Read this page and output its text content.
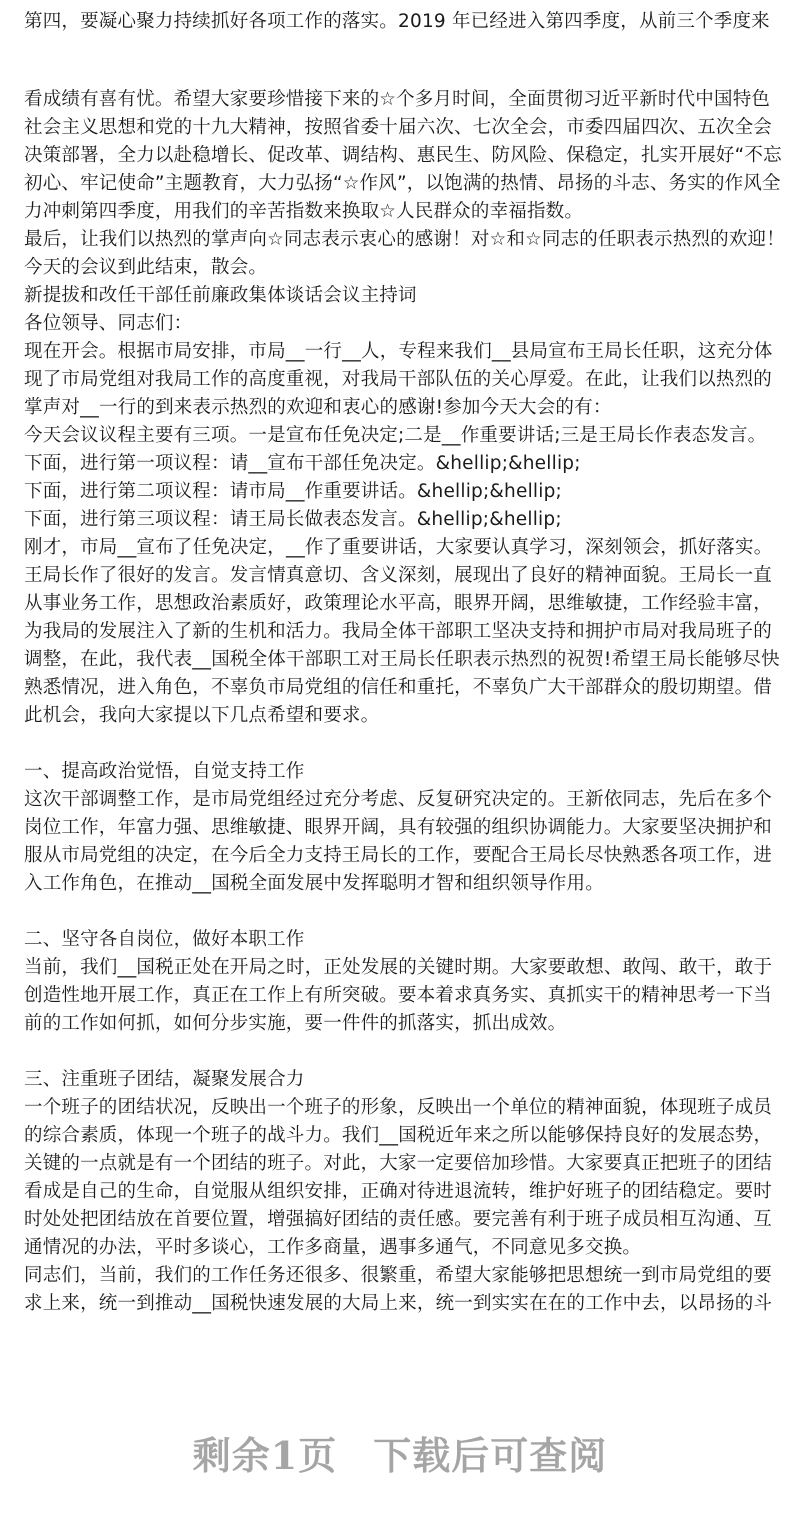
第四，要凝心聚力持续抓好各项工作的落实。2019 年已经进入第四季度，从前三个季度来
看成绩有喜有忧。希望大家要珍惜接下来的☆个多月时间，全面贯彻习近平新时代中国特色
社会主义思想和党的十九大精神，按照省委十届六次、七次全会，市委四届四次、五次全会
决策部署，全力以赴稳增长、促改革、调结构、惠民生、防风险、保稳定，扎实开展好“不忘
初心、牢记使命”主题教育，大力弘扬“☆作风”，以饱满的热情、昂扬的斗志、务实的作风全
力冲刺第四季度，用我们的辛苦指数来换取☆人民群众的幸福指数。
最后，让我们以热烈的掌声向☆同志表示衷心的感谢！对☆和☆同志的任职表示热烈的欢迎！
今天的会议到此结束，散会。
新提拔和改任干部任前廉政集体谈话会议主持词
各位领导、同志们：
现在开会。根据市局安排，市局__一行__人，专程来我们__县局宣布王局长任职，这充分体
现了市局党组对我局工作的高度重视，对我局干部队伍的关心厚爱。在此，让我们以热烈的
掌声对__一行的到来表示热烈的欢迎和衷心的感谢!参加今天大会的有：
今天会议议程主要有三项。一是宣布任免决定;二是__作重要讲话;三是王局长作表态发言。
下面，进行第一项议程：请__宣布干部任免决定。&hellip;&hellip;
下面，进行第二项议程：请市局__作重要讲话。&hellip;&hellip;
下面，进行第三项议程：请王局长做表态发言。&hellip;&hellip;
刚才，市局__宣布了任免决定，__作了重要讲话，大家要认真学习，深刻领会，抓好落实。
王局长作了很好的发言。发言情真意切、含义深刻，展现出了良好的精神面貌。王局长一直
从事业务工作，思想政治素质好，政策理论水平高，眼界开阔，思维敏捷，工作经验丰富，
为我局的发展注入了新的生机和活力。我局全体干部职工坚决支持和拥护市局对我局班子的
调整，在此，我代表__国税全体干部职工对王局长任职表示热烈的祝贺!希望王局长能够尽快
熟悉情况，进入角色，不辜负市局党组的信任和重托，不辜负广大干部群众的殷切期望。借
此机会，我向大家提以下几点希望和要求。
一、提高政治觉悟，自觉支持工作
这次干部调整工作，是市局党组经过充分考虑、反复研究决定的。王新依同志，先后在多个
岗位工作，年富力强、思维敏捷、眼界开阔，具有较强的组织协调能力。大家要坚决拥护和
服从市局党组的决定，在今后全力支持王局长的工作，要配合王局长尽快熟悉各项工作，进
入工作角色，在推动__国税全面发展中发挥聪明才智和组织领导作用。
二、坚守各自岗位，做好本职工作
当前，我们__国税正处在开局之时，正处发展的关键时期。大家要敢想、敢闯、敢干，敢于
创造性地开展工作，真正在工作上有所突破。要本着求真务实、真抓实干的精神思考一下当
前的工作如何抓，如何分步实施，要一件件的抓落实，抓出成效。
三、注重班子团结，凝聚发展合力
一个班子的团结状况，反映出一个班子的形象，反映出一个单位的精神面貌，体现班子成员
的综合素质，体现一个班子的战斗力。我们__国税近年来之所以能够保持良好的发展态势，
关键的一点就是有一个团结的班子。对此，大家一定要倍加珍惜。大家要真正把班子的团结
看成是自己的生命，自觉服从组织安排，正确对待进退流转，维护好班子的团结稳定。要时
时处处把团结放在首要位置，增强搞好团结的责任感。要完善有利于班子成员相互沟通、互
通情况的办法，平时多谈心，工作多商量，遇事多通气，不同意见多交换。
同志们，当前，我们的工作任务还很多、很繁重，希望大家能够把思想统一到市局党组的要
求上来，统一到推动__国税快速发展的大局上来，统一到实实在在的工作中去，以昂扬的斗
剩余1页 下载后可查阅
